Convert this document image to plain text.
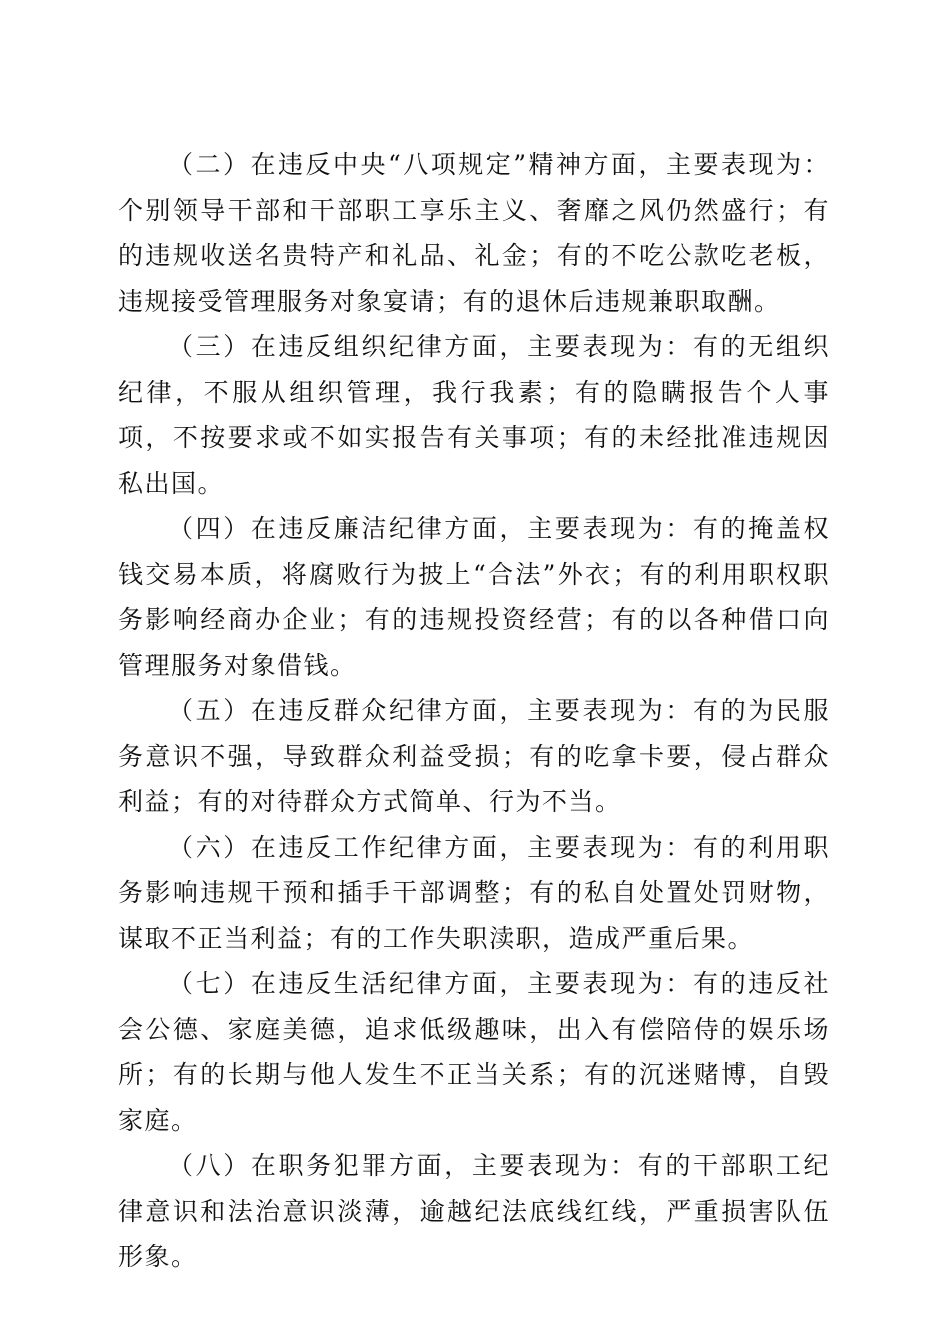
（二）在违反中央“八项规定”精神方面，主要表现为：个别领导干部和干部职工享乐主义、奢靡之风仍然盛行；有的违规收送名贵特产和礼品、礼金；有的不吃公款吃老板，违规接受管理服务对象宴请；有的退休后违规兼职取酬。

（三）在违反组织纪律方面，主要表现为：有的无组织纪律，不服从组织管理，我行我素；有的隐瞒报告个人事项，不按要求或不如实报告有关事项；有的未经批准违规因私出国。

（四）在违反廉洁纪律方面，主要表现为：有的掩盖权钱交易本质，将腐败行为披上“合法”外衣；有的利用职权职务影响经商办企业；有的违规投资经营；有的以各种借口向管理服务对象借钱。

（五）在违反群众纪律方面，主要表现为：有的为民服务意识不强，导致群众利益受损；有的吃拿卡要，侵占群众利益；有的对待群众方式简单、行为不当。

（六）在违反工作纪律方面，主要表现为：有的利用职务影响违规干预和插手干部调整；有的私自处置处罚财物，谋取不正当利益；有的工作失职渎职，造成严重后果。

（七）在违反生活纪律方面，主要表现为：有的违反社会公德、家庭美德，追求低级趣味，出入有偿陪侍的娱乐场所；有的长期与他人发生不正当关系；有的沉迷赌博，自毁家庭。

（八）在职务犯罪方面，主要表现为：有的干部职工纪律意识和法治意识淡薄，逾越纪法底线红线，严重损害队伍形象。
